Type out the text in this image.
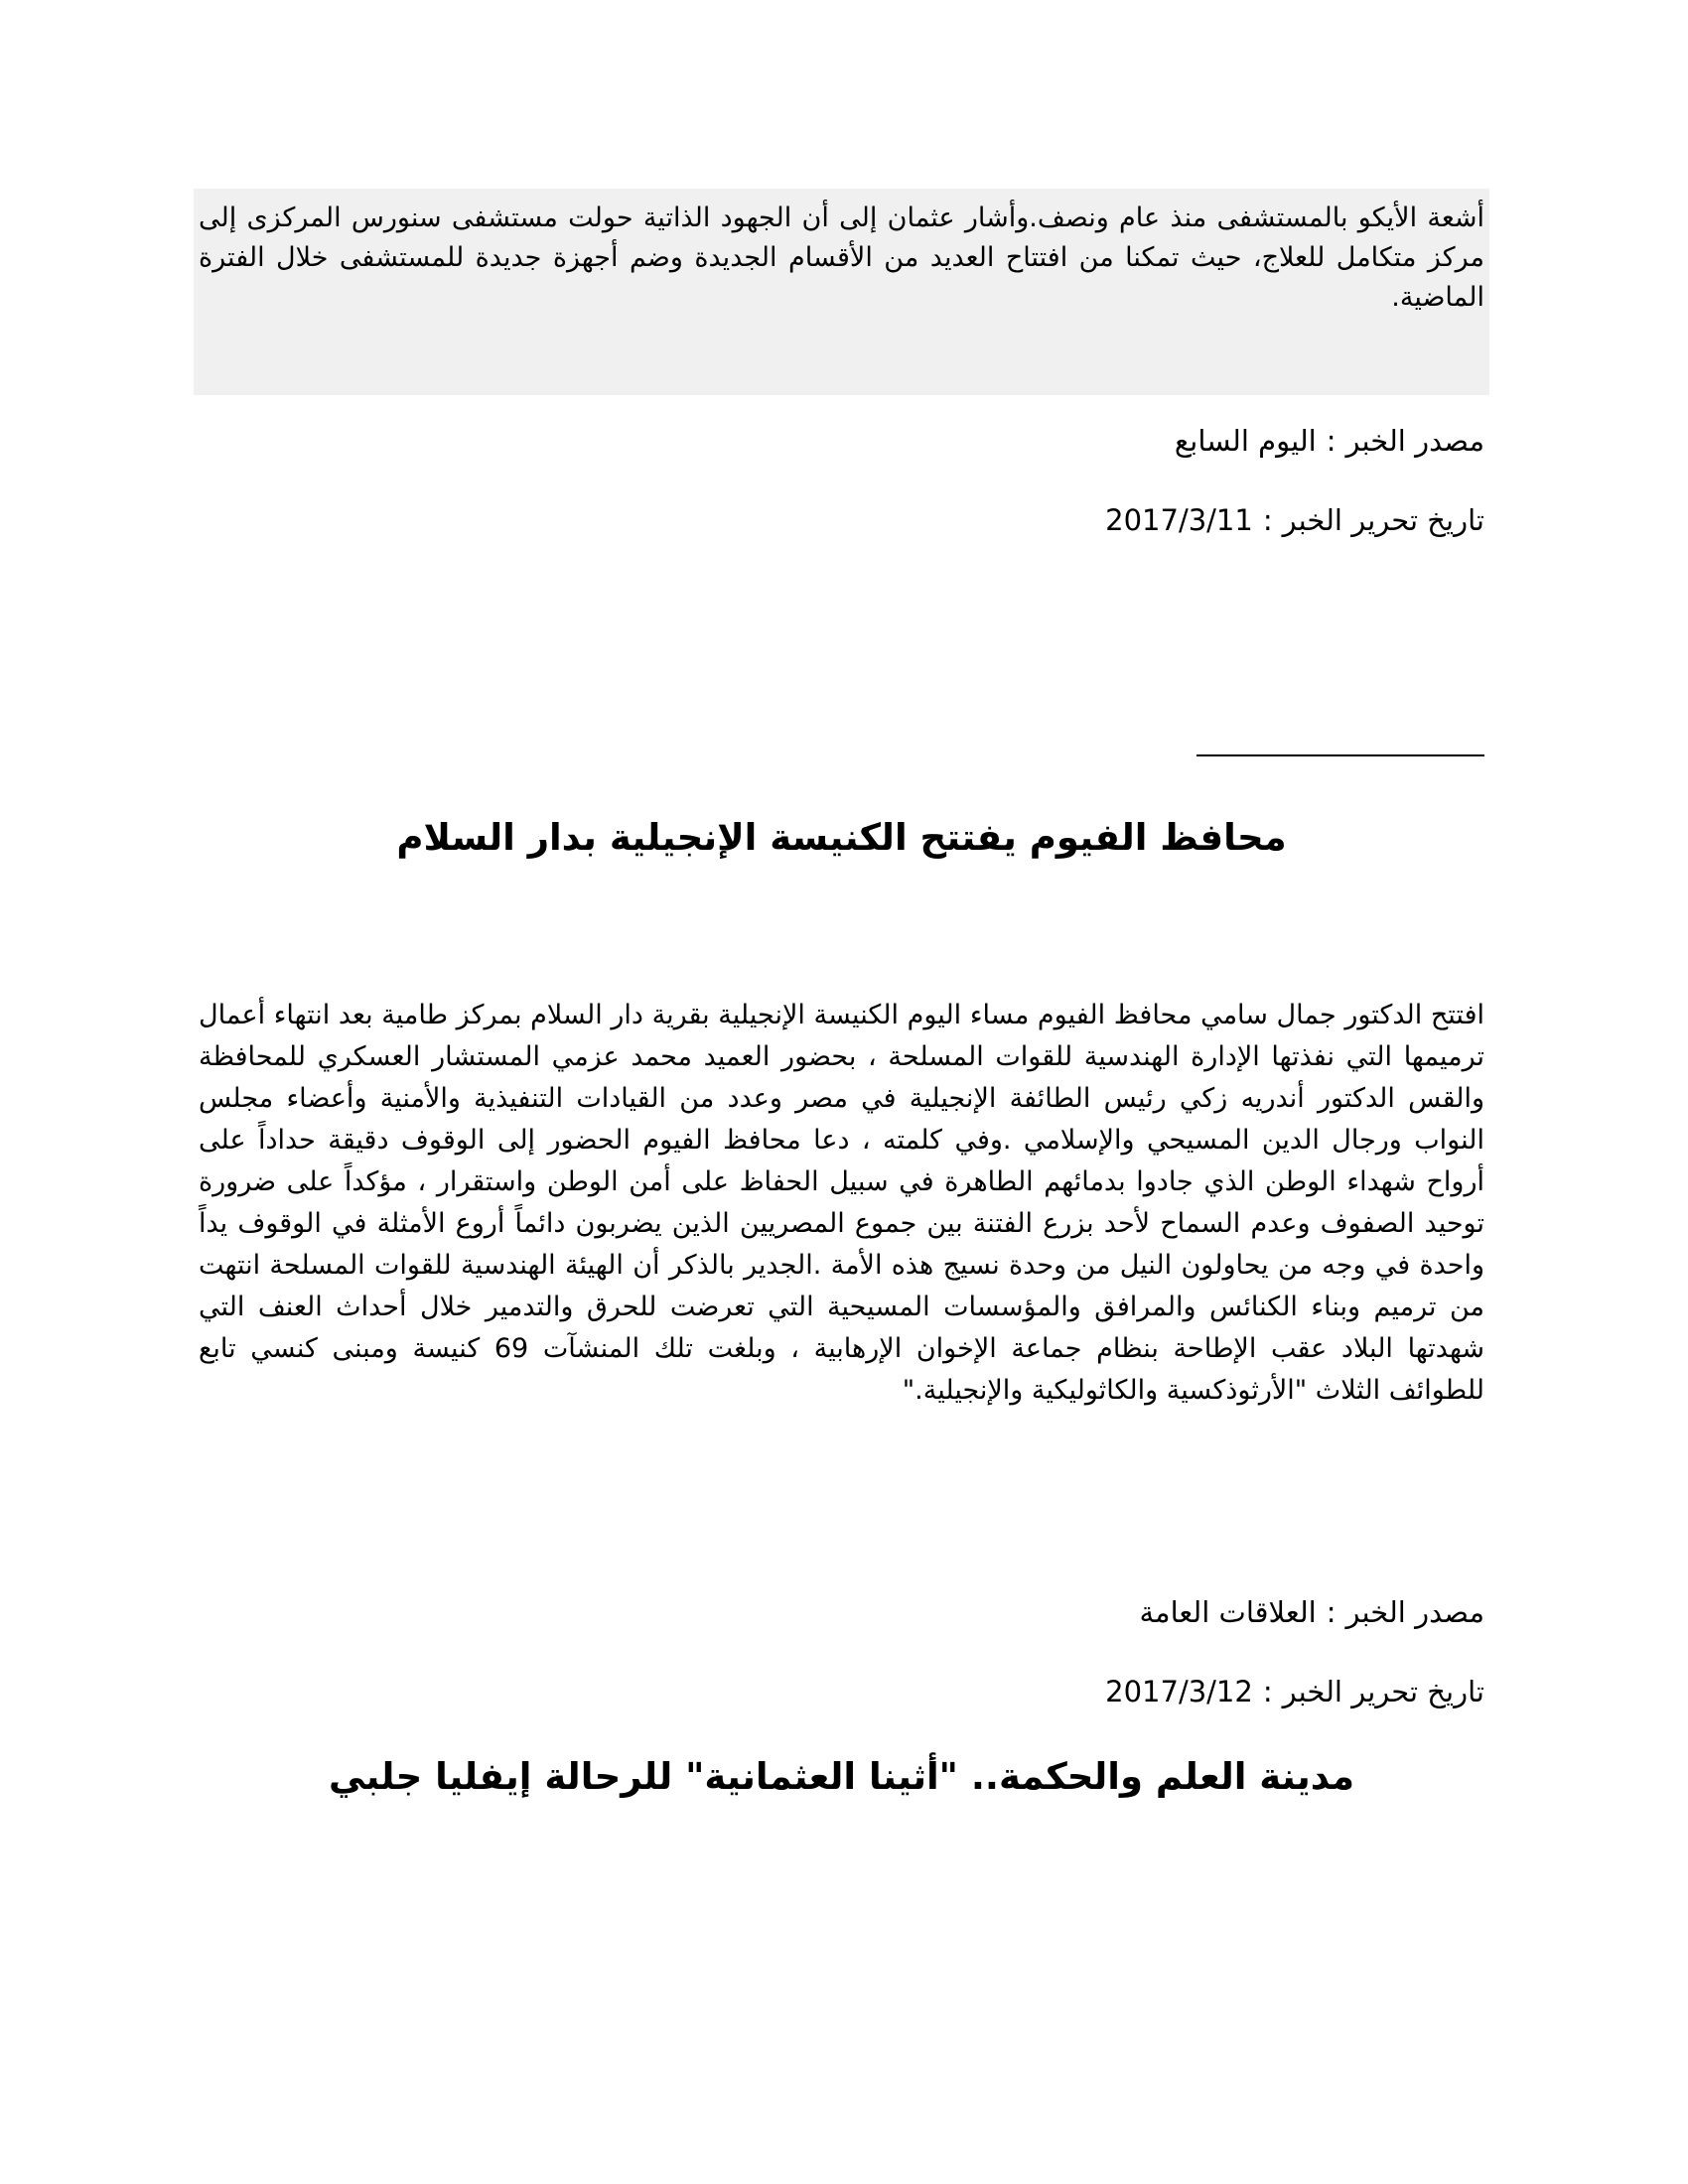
أشعة الأيكو بالمستشفى منذ عام ونصف.وأشار عثمان إلى أن الجهود الذاتية حولت مستشفى سنورس المركزى إلى مركز متكامل للعلاج، حيث تمكنا من افتتاح العديد من الأقسام الجديدة وضم أجهزة جديدة للمستشفى خلال الفترة الماضية.

مصدر الخبر:اليوم السابع

تاريخ تحرير الخبر:2017/3/11

محافظ الفيوم يفتتح الكنيسة الإنجيلية بدار السلام

افتتح الدكتور جمال سامي محافظ الفيوم مساء اليوم الكنيسة الإنجيلية بقرية دار السلام بمركز طامية بعد انتهاء أعمال ترميمها التي نفذتها الإدارة الهندسية للقوات المسلحة ، بحضور العميد محمد عزمي المستشار العسكري للمحافظة والقس الدكتور أندريه زكي رئيس الطائفة الإنجيلية في مصر وعدد من القيادات التنفيذية والأمنية وأعضاء مجلس النواب ورجال الدين المسيحي والإسلامي .وفي كلمته ، دعا محافظ الفيوم الحضور إلى الوقوف دقيقة حداداً على أرواح شهداء الوطن الذي جادوا بدمائهم الطاهرة في سبيل الحفاظ على أمن الوطن واستقرار ، مؤكداً على ضرورة توحيد الصفوف وعدم السماح لأحد بزرع الفتنة بين جموع المصريين الذين يضربون دائماً أروع الأمثلة في الوقوف يداً واحدة في وجه من يحاولون النيل من وحدة نسيج هذه الأمة .الجدير بالذكر أن الهيئة الهندسية للقوات المسلحة انتهت من ترميم وبناء الكنائس والمرافق والمؤسسات المسيحية التي تعرضت للحرق والتدمير خلال أحداث العنف التي شهدتها البلاد عقب الإطاحة بنظام جماعة الإخوان الإرهابية ، وبلغت تلك المنشآت 69 كنيسة ومبنى كنسي تابع للطوائف الثلاث "الأرثوذكسية والكاثوليكية والإنجيلية."

مصدر الخبر:العلاقات العامة

تاريخ تحرير الخبر:2017/3/12

مدينة العلم والحكمة.. "أثينا العثمانية" للرحالة إيفليا جلبي
